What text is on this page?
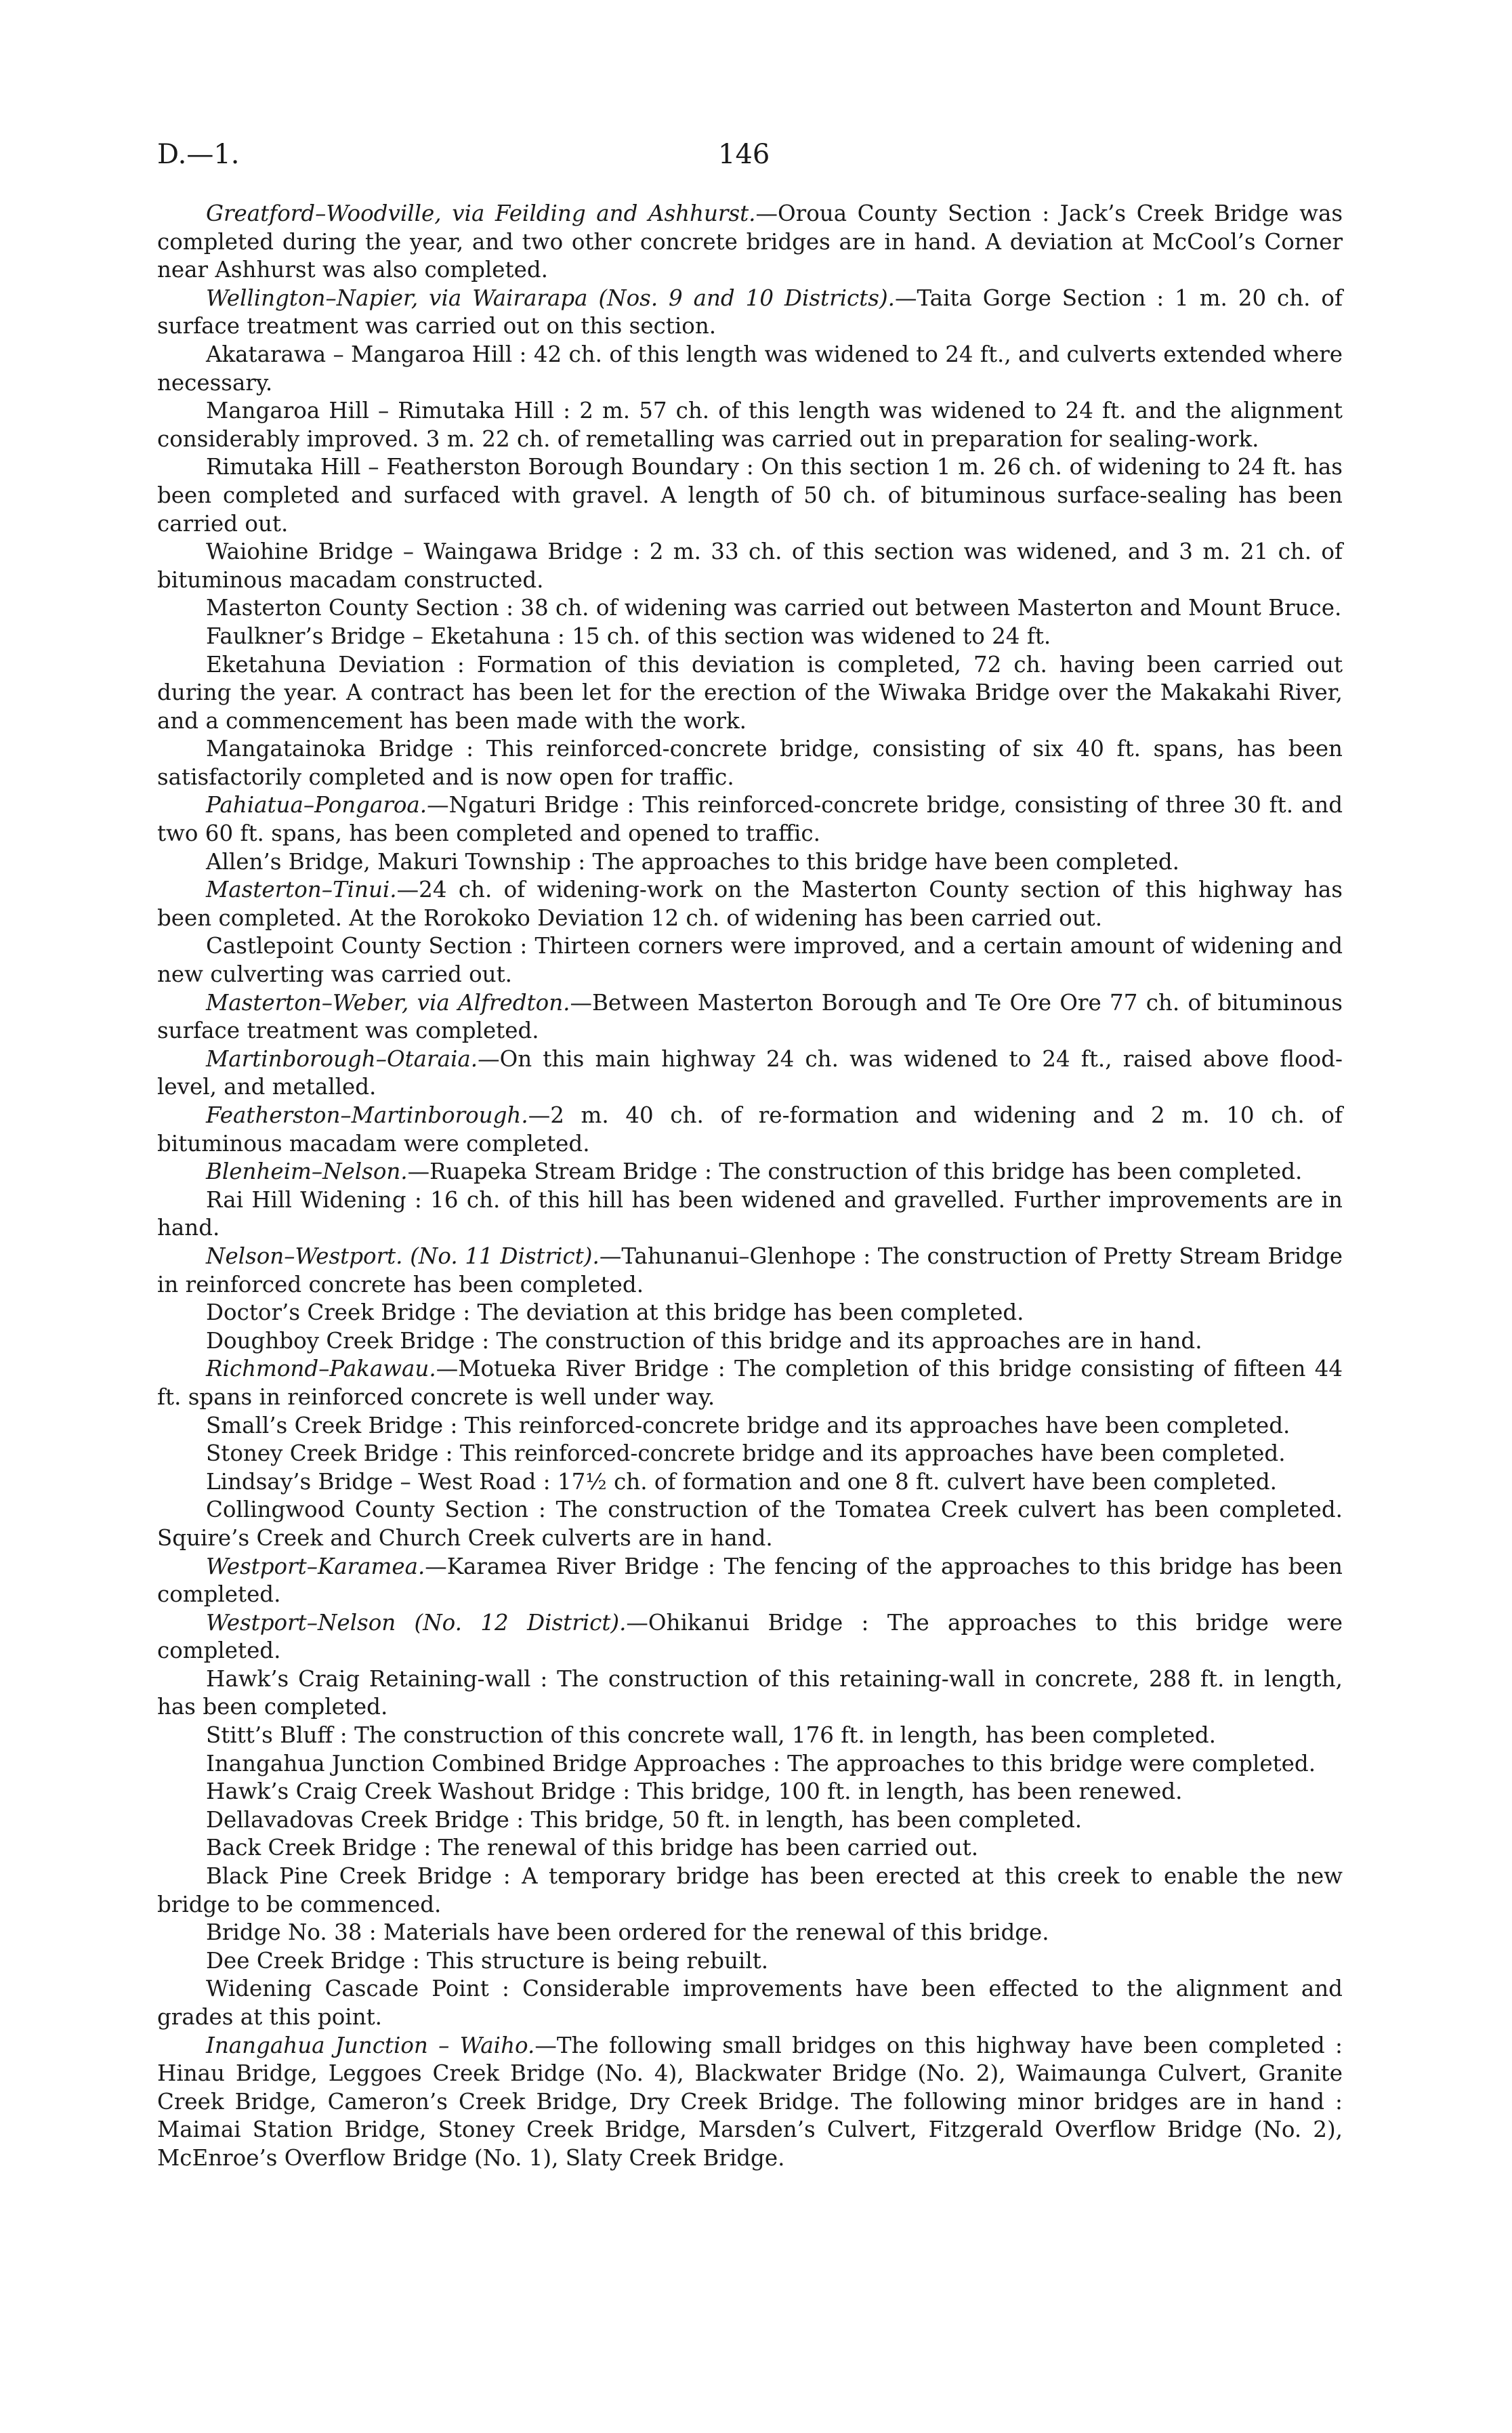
D.—1.	146

Greatford–Woodville, via Feilding and Ashhurst.—Oroua County Section : Jack’s Creek Bridge was completed during the year, and two other concrete bridges are in hand. A deviation at McCool’s Corner near Ashhurst was also completed.

Wellington–Napier, via Wairarapa (Nos. 9 and 10 Districts).—Taita Gorge Section : 1 m. 20 ch. of surface treatment was carried out on this section.

Akatarawa – Mangaroa Hill : 42 ch. of this length was widened to 24 ft., and culverts extended where necessary.

Mangaroa Hill – Rimutaka Hill : 2 m. 57 ch. of this length was widened to 24 ft. and the alignment considerably improved. 3 m. 22 ch. of remetalling was carried out in preparation for sealing-work.

Rimutaka Hill – Featherston Borough Boundary : On this section 1 m. 26 ch. of widening to 24 ft. has been completed and surfaced with gravel. A length of 50 ch. of bituminous surface-sealing has been carried out.

Waiohine Bridge – Waingawa Bridge : 2 m. 33 ch. of this section was widened, and 3 m. 21 ch. of bituminous macadam constructed.

Masterton County Section : 38 ch. of widening was carried out between Masterton and Mount Bruce.

Faulkner’s Bridge – Eketahuna : 15 ch. of this section was widened to 24 ft.

Eketahuna Deviation : Formation of this deviation is completed, 72 ch. having been carried out during the year. A contract has been let for the erection of the Wiwaka Bridge over the Makakahi River, and a commencement has been made with the work.

Mangatainoka Bridge : This reinforced-concrete bridge, consisting of six 40 ft. spans, has been satisfactorily completed and is now open for traffic.

Pahiatua–Pongaroa.—Ngaturi Bridge : This reinforced-concrete bridge, consisting of three 30 ft. and two 60 ft. spans, has been completed and opened to traffic.

Allen’s Bridge, Makuri Township : The approaches to this bridge have been completed.

Masterton–Tinui.—24 ch. of widening-work on the Masterton County section of this highway has been completed. At the Rorokoko Deviation 12 ch. of widening has been carried out.

Castlepoint County Section : Thirteen corners were improved, and a certain amount of widening and new culverting was carried out.

Masterton–Weber, via Alfredton.—Between Masterton Borough and Te Ore Ore 77 ch. of bituminous surface treatment was completed.

Martinborough–Otaraia.—On this main highway 24 ch. was widened to 24 ft., raised above flood-level, and metalled.

Featherston–Martinborough.—2 m. 40 ch. of re-formation and widening and 2 m. 10 ch. of bituminous macadam were completed.

Blenheim–Nelson.—Ruapeka Stream Bridge : The construction of this bridge has been completed.

Rai Hill Widening : 16 ch. of this hill has been widened and gravelled. Further improvements are in hand.

Nelson–Westport. (No. 11 District).—Tahunanui–Glenhope : The construction of Pretty Stream Bridge in reinforced concrete has been completed.

Doctor’s Creek Bridge : The deviation at this bridge has been completed.

Doughboy Creek Bridge : The construction of this bridge and its approaches are in hand.

Richmond–Pakawau.—Motueka River Bridge : The completion of this bridge consisting of fifteen 44 ft. spans in reinforced concrete is well under way.

Small’s Creek Bridge : This reinforced-concrete bridge and its approaches have been completed.

Stoney Creek Bridge : This reinforced-concrete bridge and its approaches have been completed.

Lindsay’s Bridge – West Road : 17½ ch. of formation and one 8 ft. culvert have been completed.

Collingwood County Section : The construction of the Tomatea Creek culvert has been completed. Squire’s Creek and Church Creek culverts are in hand.

Westport–Karamea.—Karamea River Bridge : The fencing of the approaches to this bridge has been completed.

Westport–Nelson (No. 12 District).—Ohikanui Bridge : The approaches to this bridge were completed.

Hawk’s Craig Retaining-wall : The construction of this retaining-wall in concrete, 288 ft. in length, has been completed.

Stitt’s Bluff : The construction of this concrete wall, 176 ft. in length, has been completed.

Inangahua Junction Combined Bridge Approaches : The approaches to this bridge were completed.

Hawk’s Craig Creek Washout Bridge : This bridge, 100 ft. in length, has been renewed.

Dellavadovas Creek Bridge : This bridge, 50 ft. in length, has been completed.

Back Creek Bridge : The renewal of this bridge has been carried out.

Black Pine Creek Bridge : A temporary bridge has been erected at this creek to enable the new bridge to be commenced.

Bridge No. 38 : Materials have been ordered for the renewal of this bridge.

Dee Creek Bridge : This structure is being rebuilt.

Widening Cascade Point : Considerable improvements have been effected to the alignment and grades at this point.

Inangahua Junction – Waiho.—The following small bridges on this highway have been completed : Hinau Bridge, Leggoes Creek Bridge (No. 4), Blackwater Bridge (No. 2), Waimaunga Culvert, Granite Creek Bridge, Cameron’s Creek Bridge, Dry Creek Bridge. The following minor bridges are in hand : Maimai Station Bridge, Stoney Creek Bridge, Marsden’s Culvert, Fitzgerald Overflow Bridge (No. 2), McEnroe’s Overflow Bridge (No. 1), Slaty Creek Bridge.
